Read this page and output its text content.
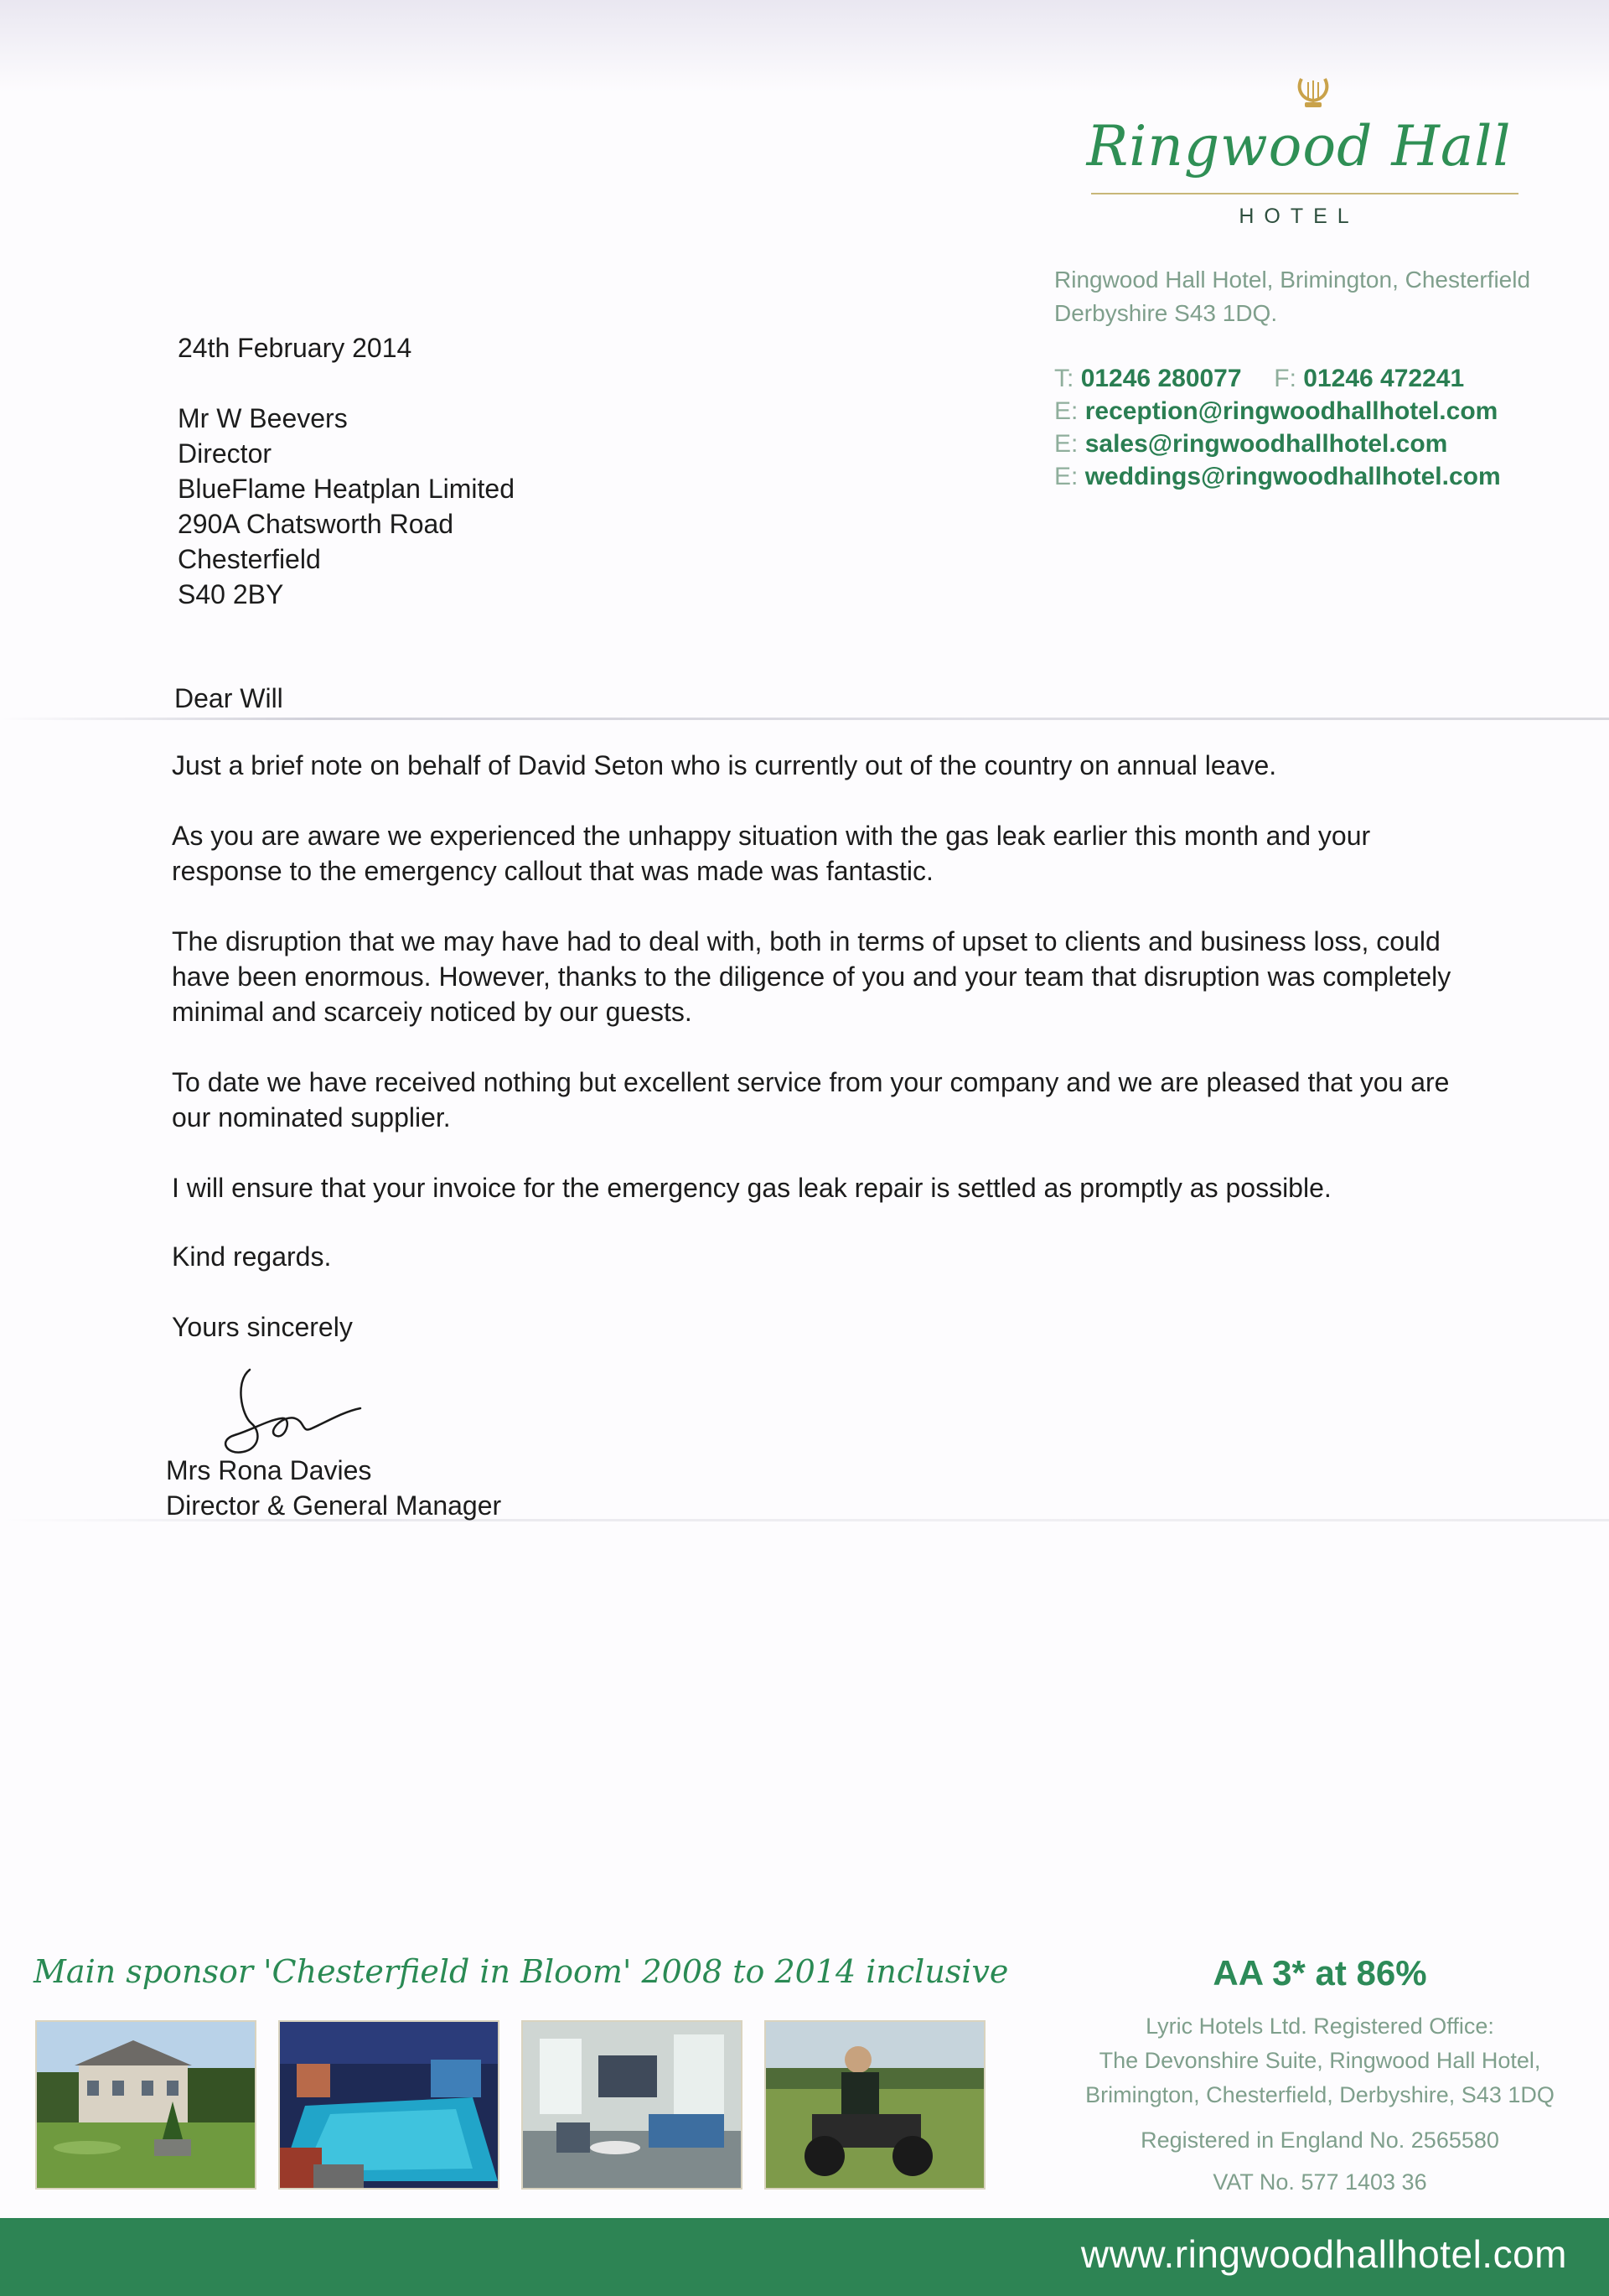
Ringwood Hall
HOTEL
Ringwood Hall Hotel, Brimington, Chesterfield
Derbyshire S43 1DQ.
T: 01246 280077 F: 01246 472241
E: reception@ringwoodhallhotel.com
E: sales@ringwoodhallhotel.com
E: weddings@ringwoodhallhotel.com
24th February 2014
Mr W Beevers
Director
BlueFlame Heatplan Limited
290A Chatsworth Road
Chesterfield
S40 2BY
Dear Will

Just a brief note on behalf of David Seton who is currently out of the country on annual leave.

As you are aware we experienced the unhappy situation with the gas leak earlier this month and your response to the emergency callout that was made was fantastic.

The disruption that we may have had to deal with, both in terms of upset to clients and business loss, could have been enormous. However, thanks to the diligence of you and your team that disruption was completely minimal and scarceiy noticed by our guests.

To date we have received nothing but excellent service from your company and we are pleased that you are our nominated supplier.

I will ensure that your invoice for the emergency gas leak repair is settled as promptly as possible.

Kind regards.

Yours sincerely

Mrs Rona Davies
Director & General Manager
Main sponsor 'Chesterfield in Bloom' 2008 to 2014 inclusive	AA 3* at 86%
Lyric Hotels Ltd. Registered Office:
The Devonshire Suite, Ringwood Hall Hotel,
Brimington, Chesterfield, Derbyshire, S43 1DQ
Registered in England No. 2565580
VAT No. 577 1403 36
www.ringwoodhallhotel.com
